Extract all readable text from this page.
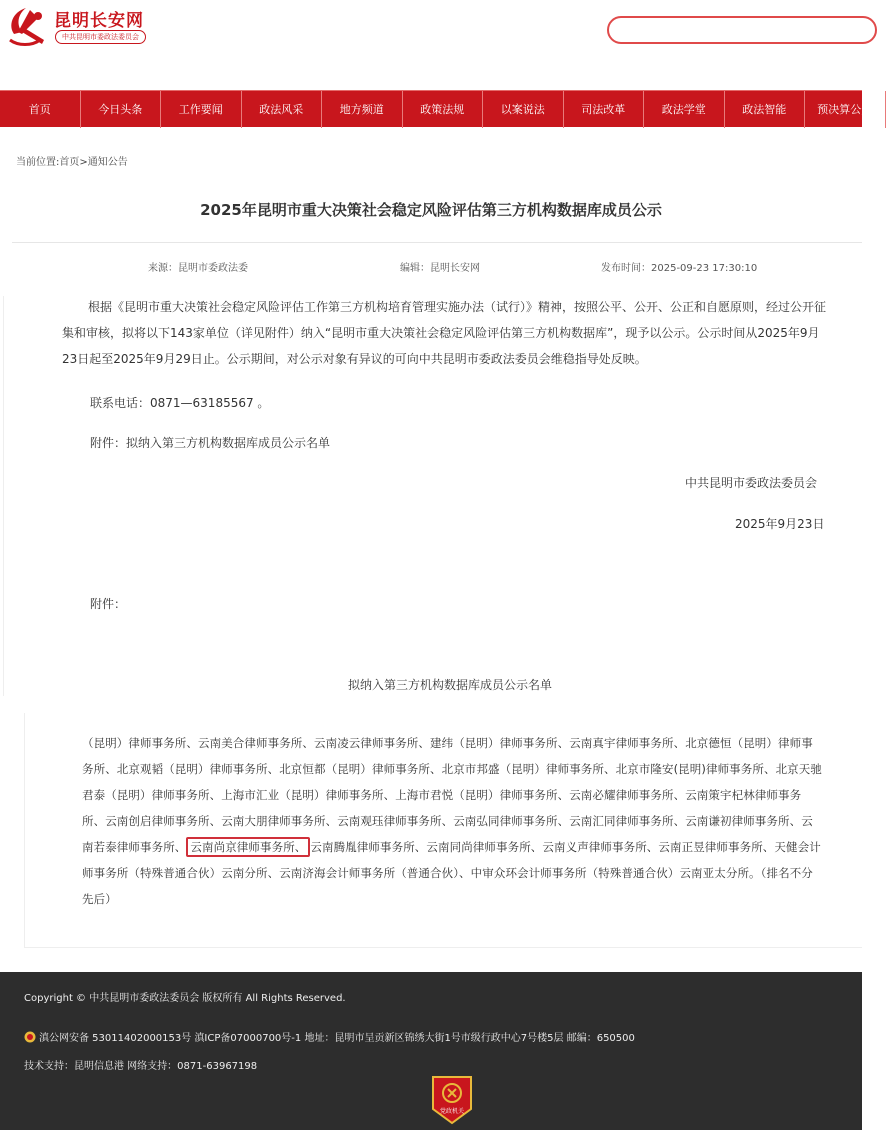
昆明长安网
中共昆明市委政法委员会
首页	今日头条	工作要闻	政法风采	地方频道	政策法规	以案说法	司法改革	政法学堂	政法智能	预决算公开
当前位置:首页>通知公告
2025年昆明市重大决策社会稳定风险评估第三方机构数据库成员公示
来源：昆明市委政法委	编辑：昆明长安网	发布时间：2025-09-23 17:30:10
根据《昆明市重大决策社会稳定风险评估工作第三方机构培育管理实施办法（试行）》精神，按照公平、公开、公正和自愿原则，经过公开征集和审核，拟将以下143家单位（详见附件）纳入“昆明市重大决策社会稳定风险评估第三方机构数据库”，现予以公示。公示时间从2025年9月23日起至2025年9月29日止。公示期间，对公示对象有异议的可向中共昆明市委政法委员会维稳指导处反映。
联系电话：0871—63185567 。
附件：拟纳入第三方机构数据库成员公示名单
中共昆明市委政法委员会
2025年9月23日
附件：
拟纳入第三方机构数据库成员公示名单
（昆明）律师事务所、云南美合律师事务所、云南凌云律师事务所、建纬（昆明）律师事务所、云南真宇律师事务所、北京德恒（昆明）律师事务所、北京观韬（昆明）律师事务所、北京恒都（昆明）律师事务所、北京市邦盛（昆明）律师事务所、北京市隆安(昆明)律师事务所、北京天驰君泰（昆明）律师事务所、上海市汇业（昆明）律师事务所、上海市君悦（昆明）律师事务所、云南必耀律师事务所、云南策宇杞林律师事务所、云南创启律师事务所、云南大朋律师事务所、云南观珏律师事务所、云南弘同律师事务所、云南汇同律师事务所、云南谦初律师事务所、云南若泰律师事务所、 云南尚京律师事务所、 云南腾胤律师事务所、云南同尚律师事务所、云南义声律师事务所、云南正昱律师事务所、天健会计师事务所（特殊普通合伙）云南分所、云南济海会计师事务所（普通合伙）、中审众环会计师事务所（特殊普通合伙）云南亚太分所。（排名不分先后）
Copyright © 中共昆明市委政法委员会 版权所有 All Rights Reserved.
滇公网安备 53011402000153号 滇ICP备07000700号-1 地址：昆明市呈贡新区锦绣大街1号市级行政中心7号楼5层 邮编：650500
技术支持：昆明信息港 网络支持：0871-63967198
党政机关
